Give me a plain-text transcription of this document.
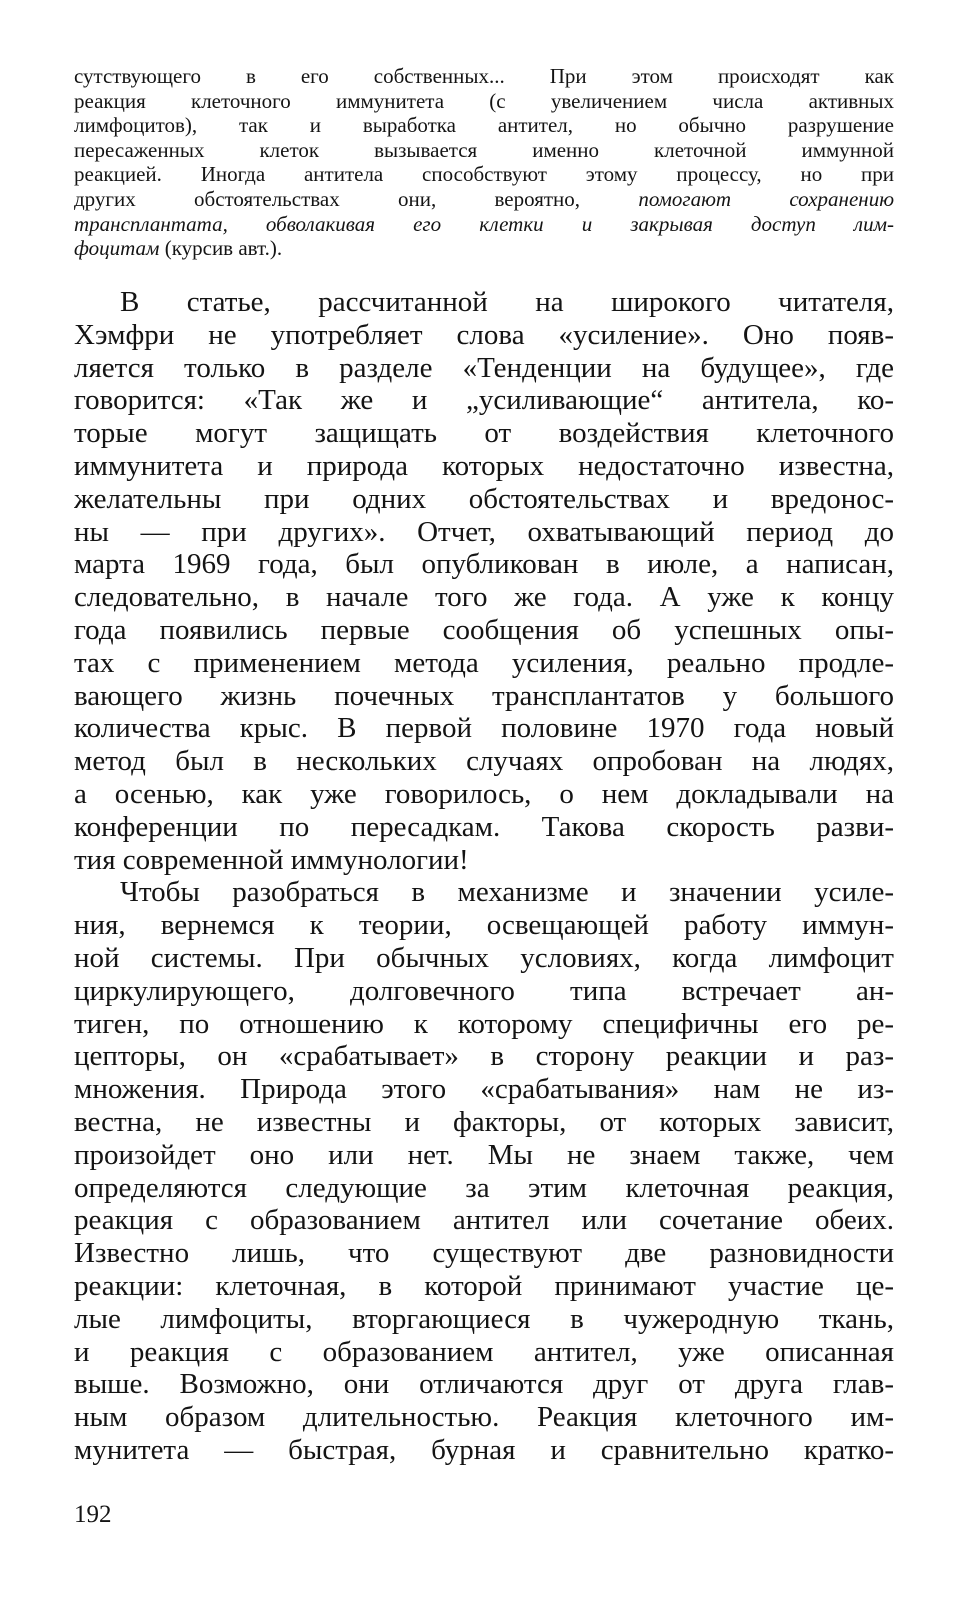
сутствующего в его собственных... При этом происходят как
реакция клеточного иммунитета (с увеличением числа активных
лимфоцитов), так и выработка антител, но обычно разрушение
пересаженных клеток вызывается именно клеточной иммунной
реакцией. Иногда антитела способствуют этому процессу, но при
других обстоятельствах они, вероятно,	помогают сохранению
трансплантата, обволакивая его клетки и закрывая доступ лим-
фоцитам (курсив авт.).
В статье, рассчитанной на широкого читателя,
Хэмфри не употребляет слова «усиление». Оно появ-
ляется только в разделе «Тенденции на будущее», где
говорится: «Так же и „усиливающие“ антитела, ко-
торые могут защищать от воздействия клеточного
иммунитета и природа которых недостаточно известна,
желательны при одних обстоятельствах и вредонос-
ны — при других». Отчет, охватывающий период до
марта 1969 года, был опубликован в июле, а написан,
следовательно, в начале того же года. А уже к концу
года появились первые сообщения об успешных опы-
тах с применением метода усиления, реально продле-
вающего жизнь почечных трансплантатов у большого
количества крыс. В первой половине 1970 года новый
метод был в нескольких случаях опробован на людях,
а осенью, как уже говорилось, о нем докладывали на
конференции по пересадкам. Такова скорость разви-
тия современной иммунологии!
Чтобы разобраться в механизме и значении усиле-
ния, вернемся к теории, освещающей работу иммун-
ной системы. При обычных условиях, когда лимфоцит
циркулирующего, долговечного типа встречает ан-
тиген, по отношению к которому специфичны его ре-
цепторы, он «срабатывает» в сторону реакции и раз-
множения. Природа этого «срабатывания» нам не из-
вестна, не известны и факторы, от которых зависит,
произойдет оно или нет. Мы не знаем также, чем
определяются следующие за этим клеточная реакция,
реакция с образованием антител или сочетание обеих.
Известно лишь, что существуют две разновидности
реакции: клеточная, в которой принимают участие це-
лые лимфоциты, вторгающиеся в чужеродную ткань,
и реакция с образованием антител, уже описанная
выше. Возможно, они отличаются друг от друга глав-
ным образом длительностью. Реакция клеточного им-
мунитета — быстрая, бурная и сравнительно кратко-
192
